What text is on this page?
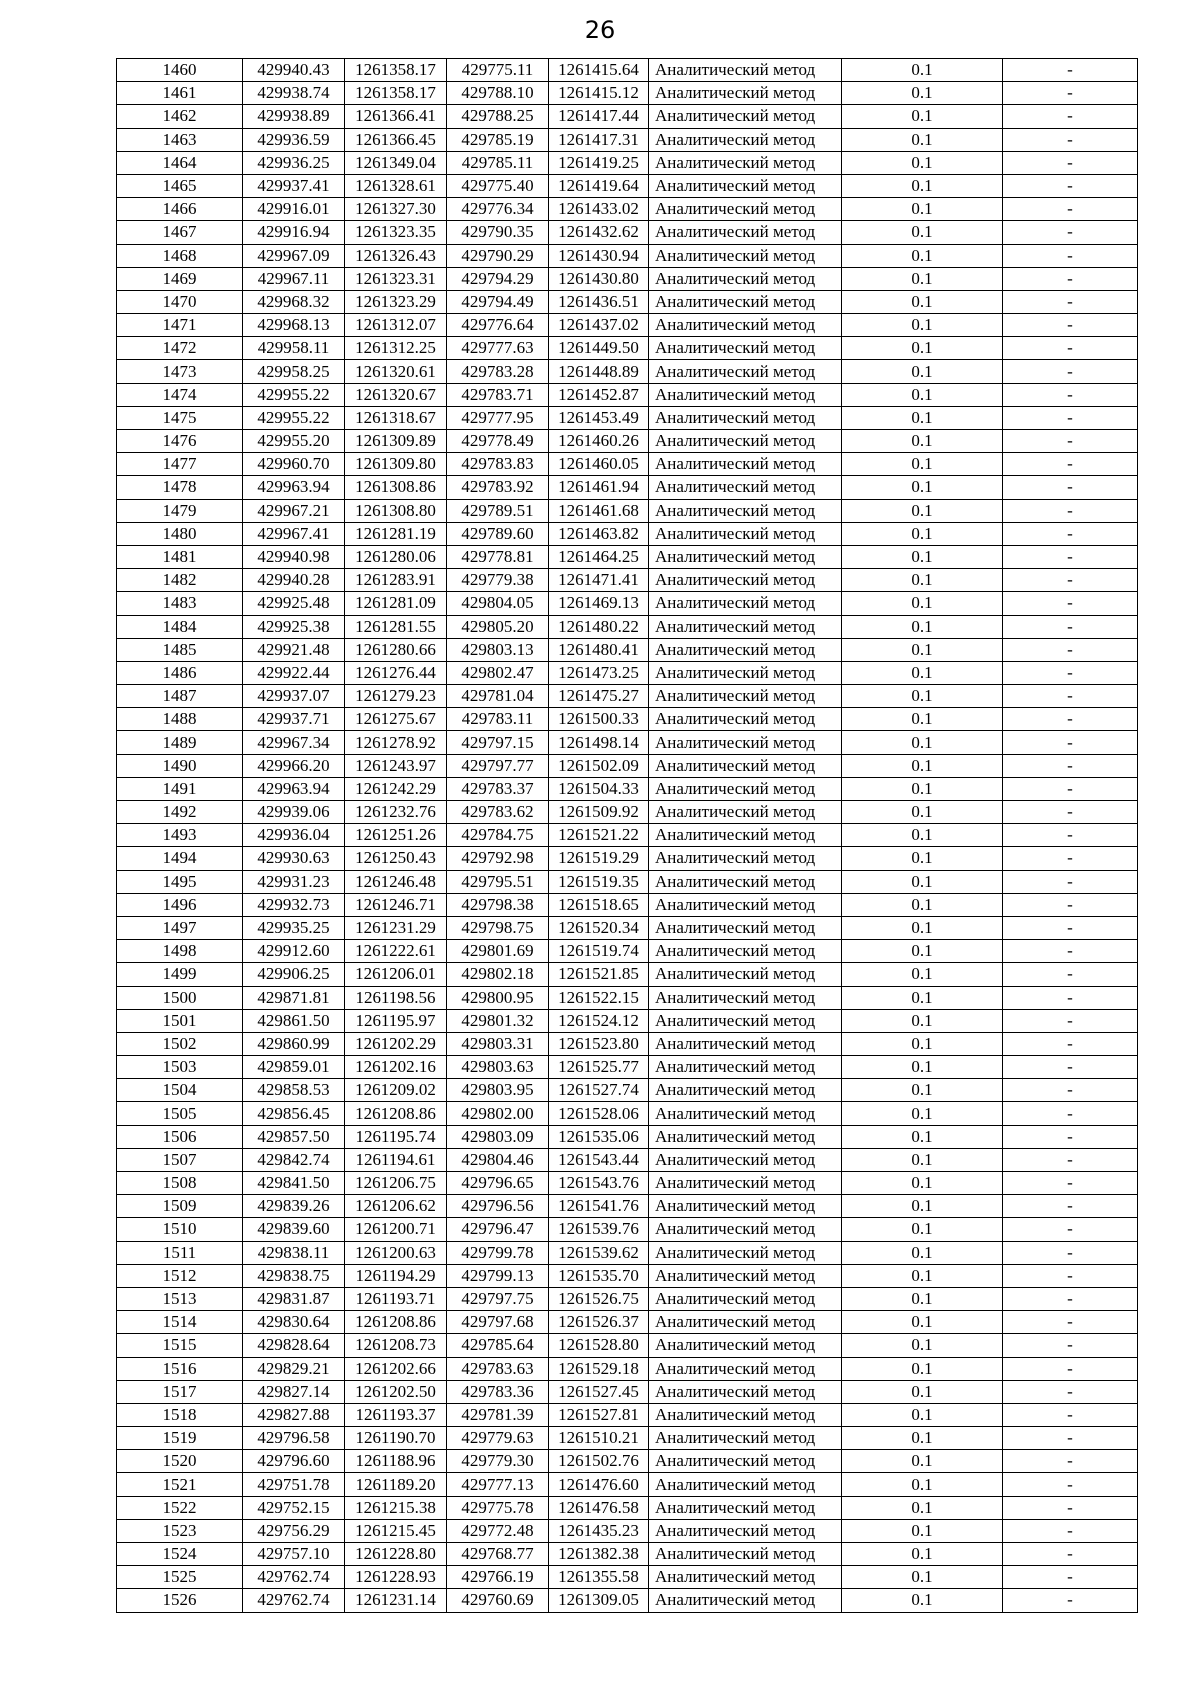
26
1460	429940.43	1261358.17	429775.11	1261415.64	Аналитический метод	0.1	-
1461	429938.74	1261358.17	429788.10	1261415.12	Аналитический метод	0.1	-
1462	429938.89	1261366.41	429788.25	1261417.44	Аналитический метод	0.1	-
1463	429936.59	1261366.45	429785.19	1261417.31	Аналитический метод	0.1	-
1464	429936.25	1261349.04	429785.11	1261419.25	Аналитический метод	0.1	-
1465	429937.41	1261328.61	429775.40	1261419.64	Аналитический метод	0.1	-
1466	429916.01	1261327.30	429776.34	1261433.02	Аналитический метод	0.1	-
1467	429916.94	1261323.35	429790.35	1261432.62	Аналитический метод	0.1	-
1468	429967.09	1261326.43	429790.29	1261430.94	Аналитический метод	0.1	-
1469	429967.11	1261323.31	429794.29	1261430.80	Аналитический метод	0.1	-
1470	429968.32	1261323.29	429794.49	1261436.51	Аналитический метод	0.1	-
1471	429968.13	1261312.07	429776.64	1261437.02	Аналитический метод	0.1	-
1472	429958.11	1261312.25	429777.63	1261449.50	Аналитический метод	0.1	-
1473	429958.25	1261320.61	429783.28	1261448.89	Аналитический метод	0.1	-
1474	429955.22	1261320.67	429783.71	1261452.87	Аналитический метод	0.1	-
1475	429955.22	1261318.67	429777.95	1261453.49	Аналитический метод	0.1	-
1476	429955.20	1261309.89	429778.49	1261460.26	Аналитический метод	0.1	-
1477	429960.70	1261309.80	429783.83	1261460.05	Аналитический метод	0.1	-
1478	429963.94	1261308.86	429783.92	1261461.94	Аналитический метод	0.1	-
1479	429967.21	1261308.80	429789.51	1261461.68	Аналитический метод	0.1	-
1480	429967.41	1261281.19	429789.60	1261463.82	Аналитический метод	0.1	-
1481	429940.98	1261280.06	429778.81	1261464.25	Аналитический метод	0.1	-
1482	429940.28	1261283.91	429779.38	1261471.41	Аналитический метод	0.1	-
1483	429925.48	1261281.09	429804.05	1261469.13	Аналитический метод	0.1	-
1484	429925.38	1261281.55	429805.20	1261480.22	Аналитический метод	0.1	-
1485	429921.48	1261280.66	429803.13	1261480.41	Аналитический метод	0.1	-
1486	429922.44	1261276.44	429802.47	1261473.25	Аналитический метод	0.1	-
1487	429937.07	1261279.23	429781.04	1261475.27	Аналитический метод	0.1	-
1488	429937.71	1261275.67	429783.11	1261500.33	Аналитический метод	0.1	-
1489	429967.34	1261278.92	429797.15	1261498.14	Аналитический метод	0.1	-
1490	429966.20	1261243.97	429797.77	1261502.09	Аналитический метод	0.1	-
1491	429963.94	1261242.29	429783.37	1261504.33	Аналитический метод	0.1	-
1492	429939.06	1261232.76	429783.62	1261509.92	Аналитический метод	0.1	-
1493	429936.04	1261251.26	429784.75	1261521.22	Аналитический метод	0.1	-
1494	429930.63	1261250.43	429792.98	1261519.29	Аналитический метод	0.1	-
1495	429931.23	1261246.48	429795.51	1261519.35	Аналитический метод	0.1	-
1496	429932.73	1261246.71	429798.38	1261518.65	Аналитический метод	0.1	-
1497	429935.25	1261231.29	429798.75	1261520.34	Аналитический метод	0.1	-
1498	429912.60	1261222.61	429801.69	1261519.74	Аналитический метод	0.1	-
1499	429906.25	1261206.01	429802.18	1261521.85	Аналитический метод	0.1	-
1500	429871.81	1261198.56	429800.95	1261522.15	Аналитический метод	0.1	-
1501	429861.50	1261195.97	429801.32	1261524.12	Аналитический метод	0.1	-
1502	429860.99	1261202.29	429803.31	1261523.80	Аналитический метод	0.1	-
1503	429859.01	1261202.16	429803.63	1261525.77	Аналитический метод	0.1	-
1504	429858.53	1261209.02	429803.95	1261527.74	Аналитический метод	0.1	-
1505	429856.45	1261208.86	429802.00	1261528.06	Аналитический метод	0.1	-
1506	429857.50	1261195.74	429803.09	1261535.06	Аналитический метод	0.1	-
1507	429842.74	1261194.61	429804.46	1261543.44	Аналитический метод	0.1	-
1508	429841.50	1261206.75	429796.65	1261543.76	Аналитический метод	0.1	-
1509	429839.26	1261206.62	429796.56	1261541.76	Аналитический метод	0.1	-
1510	429839.60	1261200.71	429796.47	1261539.76	Аналитический метод	0.1	-
1511	429838.11	1261200.63	429799.78	1261539.62	Аналитический метод	0.1	-
1512	429838.75	1261194.29	429799.13	1261535.70	Аналитический метод	0.1	-
1513	429831.87	1261193.71	429797.75	1261526.75	Аналитический метод	0.1	-
1514	429830.64	1261208.86	429797.68	1261526.37	Аналитический метод	0.1	-
1515	429828.64	1261208.73	429785.64	1261528.80	Аналитический метод	0.1	-
1516	429829.21	1261202.66	429783.63	1261529.18	Аналитический метод	0.1	-
1517	429827.14	1261202.50	429783.36	1261527.45	Аналитический метод	0.1	-
1518	429827.88	1261193.37	429781.39	1261527.81	Аналитический метод	0.1	-
1519	429796.58	1261190.70	429779.63	1261510.21	Аналитический метод	0.1	-
1520	429796.60	1261188.96	429779.30	1261502.76	Аналитический метод	0.1	-
1521	429751.78	1261189.20	429777.13	1261476.60	Аналитический метод	0.1	-
1522	429752.15	1261215.38	429775.78	1261476.58	Аналитический метод	0.1	-
1523	429756.29	1261215.45	429772.48	1261435.23	Аналитический метод	0.1	-
1524	429757.10	1261228.80	429768.77	1261382.38	Аналитический метод	0.1	-
1525	429762.74	1261228.93	429766.19	1261355.58	Аналитический метод	0.1	-
1526	429762.74	1261231.14	429760.69	1261309.05	Аналитический метод	0.1	-
